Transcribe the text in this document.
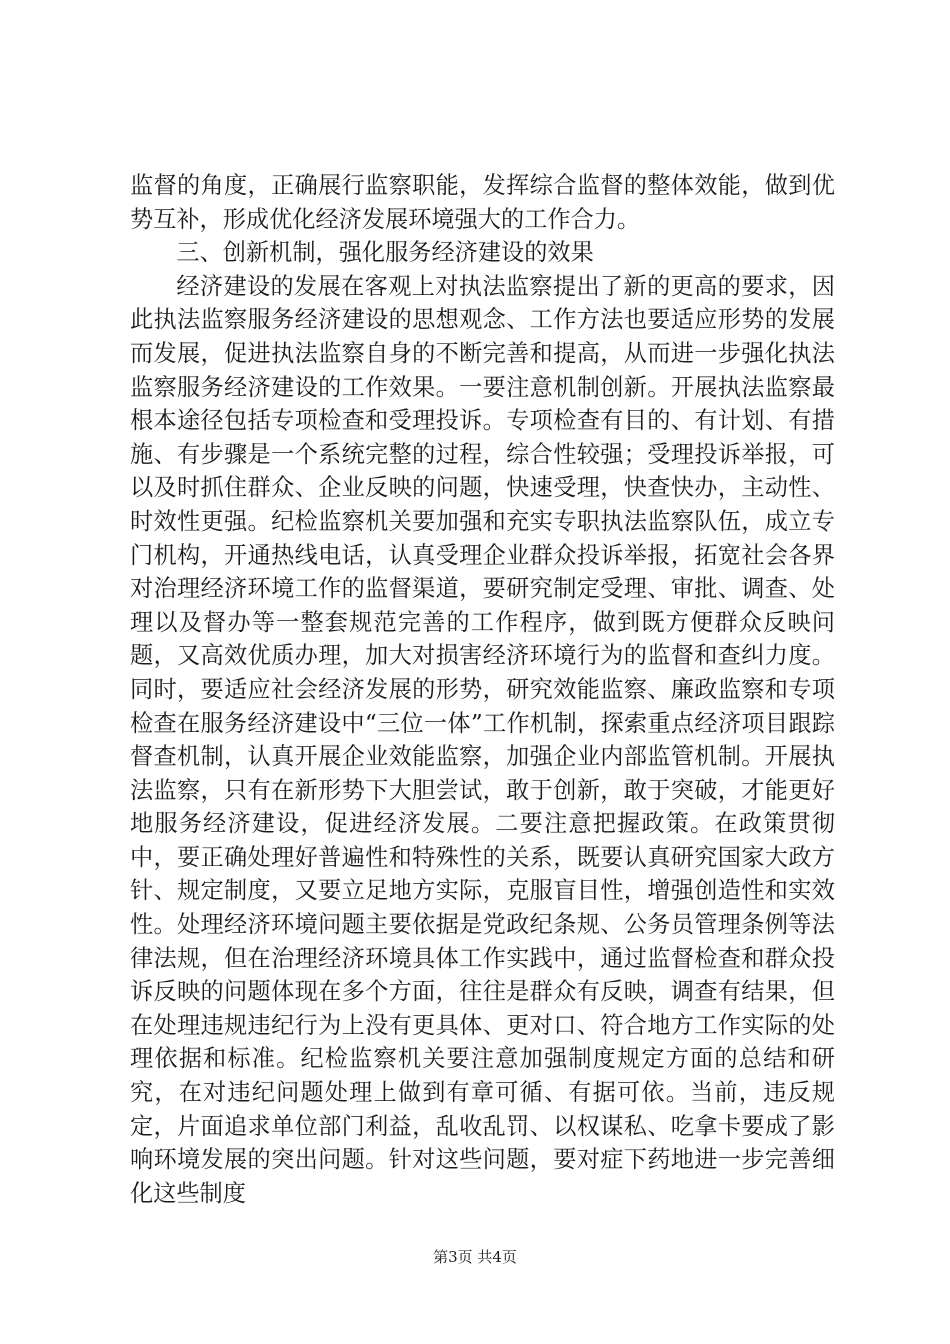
监督的角度，正确展行监察职能，发挥综合监督的整体效能，做到优势互补，形成优化经济发展环境强大的工作合力。

三、创新机制，强化服务经济建设的效果

经济建设的发展在客观上对执法监察提出了新的更高的要求，因此执法监察服务经济建设的思想观念、工作方法也要适应形势的发展而发展，促进执法监察自身的不断完善和提高，从而进一步强化执法监察服务经济建设的工作效果。一要注意机制创新。开展执法监察最根本途径包括专项检查和受理投诉。专项检查有目的、有计划、有措施、有步骤是一个系统完整的过程，综合性较强；受理投诉举报，可以及时抓住群众、企业反映的问题，快速受理，快查快办，主动性、时效性更强。纪检监察机关要加强和充实专职执法监察队伍，成立专门机构，开通热线电话，认真受理企业群众投诉举报，拓宽社会各界对治理经济环境工作的监督渠道，要研究制定受理、审批、调查、处理以及督办等一整套规范完善的工作程序，做到既方便群众反映问题，又高效优质办理，加大对损害经济环境行为的监督和查纠力度。同时，要适应社会经济发展的形势，研究效能监察、廉政监察和专项检查在服务经济建设中“三位一体”工作机制，探索重点经济项目跟踪督查机制，认真开展企业效能监察，加强企业内部监管机制。开展执法监察，只有在新形势下大胆尝试，敢于创新，敢于突破，才能更好地服务经济建设，促进经济发展。二要注意把握政策。在政策贯彻中，要正确处理好普遍性和特殊性的关系，既要认真研究国家大政方针、规定制度，又要立足地方实际，克服盲目性，增强创造性和实效性。处理经济环境问题主要依据是党政纪条规、公务员管理条例等法律法规，但在治理经济环境具体工作实践中，通过监督检查和群众投诉反映的问题体现在多个方面，往往是群众有反映，调查有结果，但在处理违规违纪行为上没有更具体、更对口、符合地方工作实际的处理依据和标准。纪检监察机关要注意加强制度规定方面的总结和研究，在对违纪问题处理上做到有章可循、有据可依。当前，违反规定，片面追求单位部门利益，乱收乱罚、以权谋私、吃拿卡要成了影响环境发展的突出问题。针对这些问题，要对症下药地进一步完善细化这些制度

第3页 共4页
